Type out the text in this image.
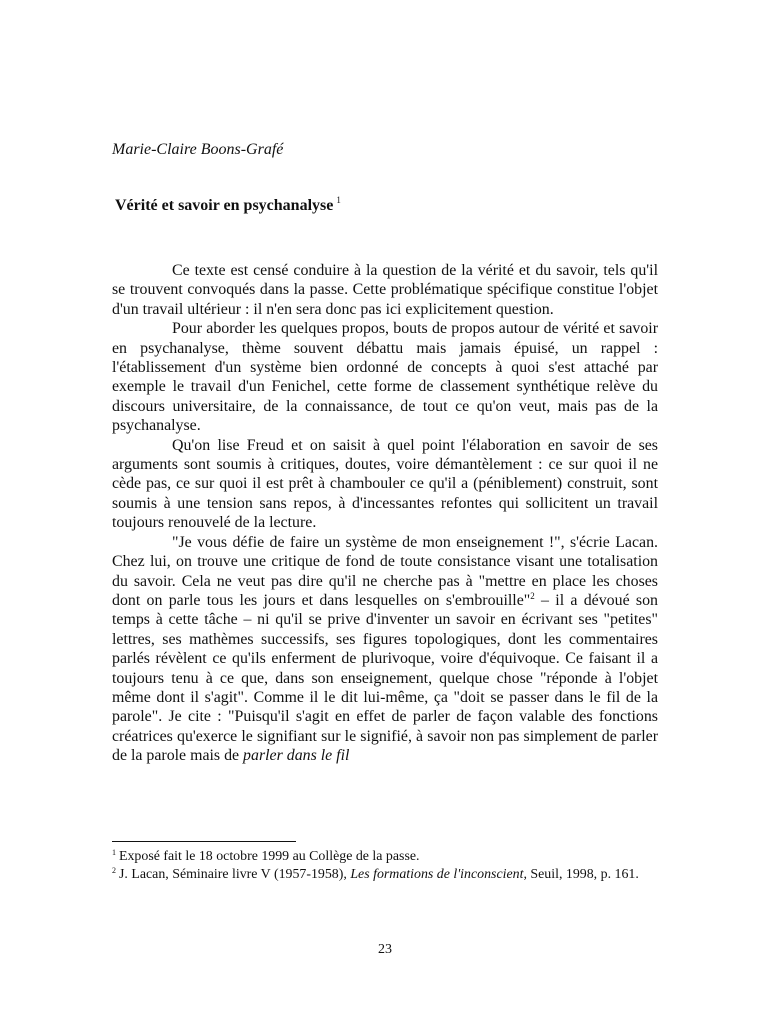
Marie-Claire Boons-Grafé
Vérité et savoir en psychanalyse $^1$

Ce texte est censé conduire à la question de la vérité et du savoir, tels qu'il se trouvent convoqués dans la passe. Cette problématique spécifique constitue l'objet d'un travail ultérieur : il n'en sera donc pas ici explicitement question.

Pour aborder les quelques propos, bouts de propos autour de vérité et savoir en psychanalyse, thème souvent débattu mais jamais épuisé, un rappel : l'établissement d'un système bien ordonné de concepts à quoi s'est attaché par exemple le travail d'un Fenichel, cette forme de classement synthétique relève du discours universitaire, de la connaissance, de tout ce qu'on veut, mais pas de la psychanalyse.

Qu'on lise Freud et on saisit à quel point l'élaboration en savoir de ses arguments sont soumis à critiques, doutes, voire démantèlement : ce sur quoi il ne cède pas, ce sur quoi il est prêt à chambouler ce qu'il a (péniblement) construit, sont soumis à une tension sans repos, à d'incessantes refontes qui sollicitent un travail toujours renouvelé de la lecture.

"Je vous défie de faire un système de mon enseignement !", s'écrie Lacan. Chez lui, on trouve une critique de fond de toute consistance visant une totalisation du savoir. Cela ne veut pas dire qu'il ne cherche pas à "mettre en place les choses dont on parle tous les jours et dans lesquelles on s'embrouille"$^2$ – il a dévoué son temps à cette tâche – ni qu'il se prive d'inventer un savoir en écrivant ses "petites" lettres, ses mathèmes successifs, ses figures topologiques, dont les commentaires parlés révèlent ce qu'ils enferment de plurivoque, voire d'équivoque. Ce faisant il a toujours tenu à ce que, dans son enseignement, quelque chose "réponde à l'objet même dont il s'agit". Comme il le dit lui-même, ça "doit se passer dans le fil de la parole". Je cite : "Puisqu'il s'agit en effet de parler de façon valable des fonctions créatrices qu'exerce le signifiant sur le signifié, à savoir non pas simplement de parler de la parole mais de parler dans le fil

$^1$ Exposé fait le 18 octobre 1999 au Collège de la passe.

$^2$ J. Lacan, Séminaire livre V (1957-1958), Les formations de l'inconscient, Seuil, 1998, p. 161.

23
